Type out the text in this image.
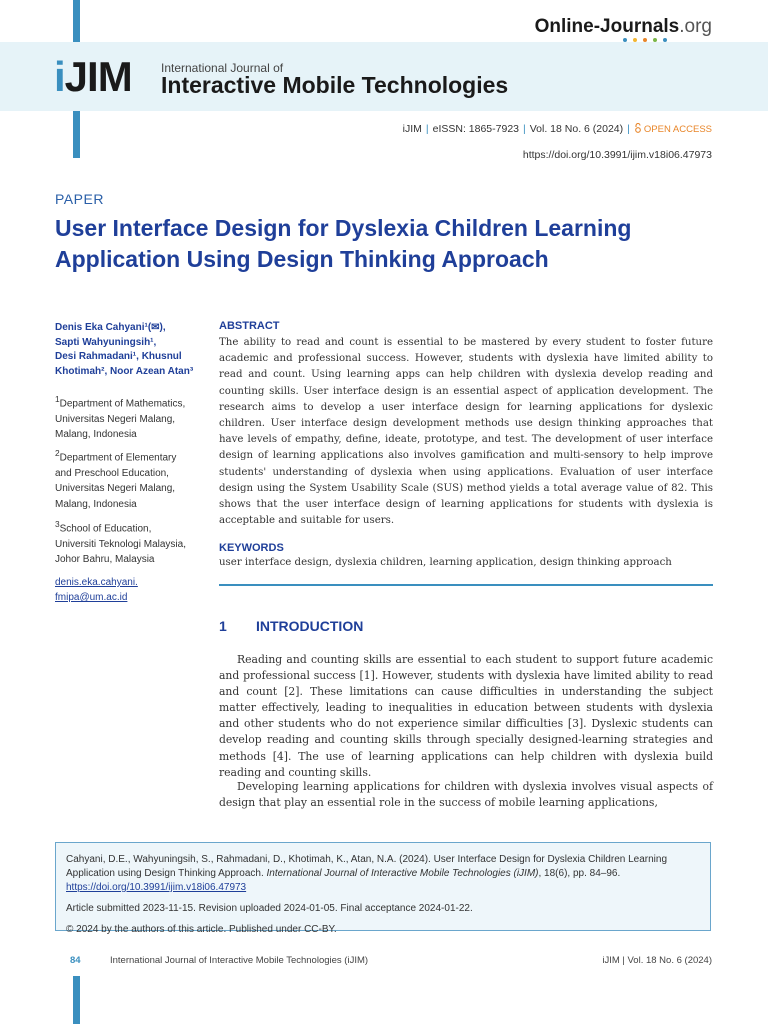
Online-Journals.org
iJIM International Journal of
Interactive Mobile Technologies
iJIM | eISSN: 1865-7923 | Vol. 18 No. 6 (2024) | OPEN ACCESS
https://doi.org/10.3991/ijim.v18i06.47973
PAPER
User Interface Design for Dyslexia Children Learning Application Using Design Thinking Approach
Denis Eka Cahyani¹(✉),
Sapti Wahyuningsih¹,
Desi Rahmadani¹, Khusnul
Khotimah², Noor Azean Atan³
$^1$Department of Mathematics,
Universitas Negeri Malang,
Malang, Indonesia
$^2$Department of Elementary
and Preschool Education,
Universitas Negeri Malang,
Malang, Indonesia
$^3$School of Education,
Universiti Teknologi Malaysia,
Johor Bahru, Malaysia
denis.eka.cahyani.
fmipa@um.ac.id
ABSTRACT

The ability to read and count is essential to be mastered by every student to foster future academic and professional success. However, students with dyslexia have limited ability to read and count. Using learning apps can help children with dyslexia develop reading and counting skills. User interface design is an essential aspect of application development. The research aims to develop a user interface design for learning applications for dyslexic children. User interface design development methods use design thinking approaches that have levels of empathy, define, ideate, prototype, and test. The development of user interface design of learning applications also involves gamification and multi-sensory to help improve students' understanding of dyslexia when using applications. Evaluation of user interface design using the System Usability Scale (SUS) method yields a total average value of 82. This shows that the user interface design of learning applications for students with dyslexia is acceptable and suitable for users.

KEYWORDS

user interface design, dyslexia children, learning application, design thinking approach

1 INTRODUCTION

Reading and counting skills are essential to each student to support future academic and professional success [1]. However, students with dyslexia have limited ability to read and count [2]. These limitations can cause difficulties in understanding the subject matter effectively, leading to inequalities in education between students with dyslexia and other students who do not experience similar difficulties [3]. Dyslexic students can develop reading and counting skills through specially designed-learning strategies and methods [4]. The use of learning applications can help children with dyslexia build reading and counting skills.

Developing learning applications for children with dyslexia involves visual aspects of design that play an essential role in the success of mobile learning applications,

Cahyani, D.E., Wahyuningsih, S., Rahmadani, D., Khotimah, K., Atan, N.A. (2024). User Interface Design for Dyslexia Children Learning Application using Design Thinking Approach. International Journal of Interactive Mobile Technologies (iJIM), 18(6), pp. 84–96. https://doi.org/10.3991/ijim.v18i06.47973

Article submitted 2023-11-15. Revision uploaded 2024-01-05. Final acceptance 2024-01-22.

© 2024 by the authors of this article. Published under CC-BY.

84	International Journal of Interactive Mobile Technologies (iJIM)	iJIM | Vol. 18 No. 6 (2024)
